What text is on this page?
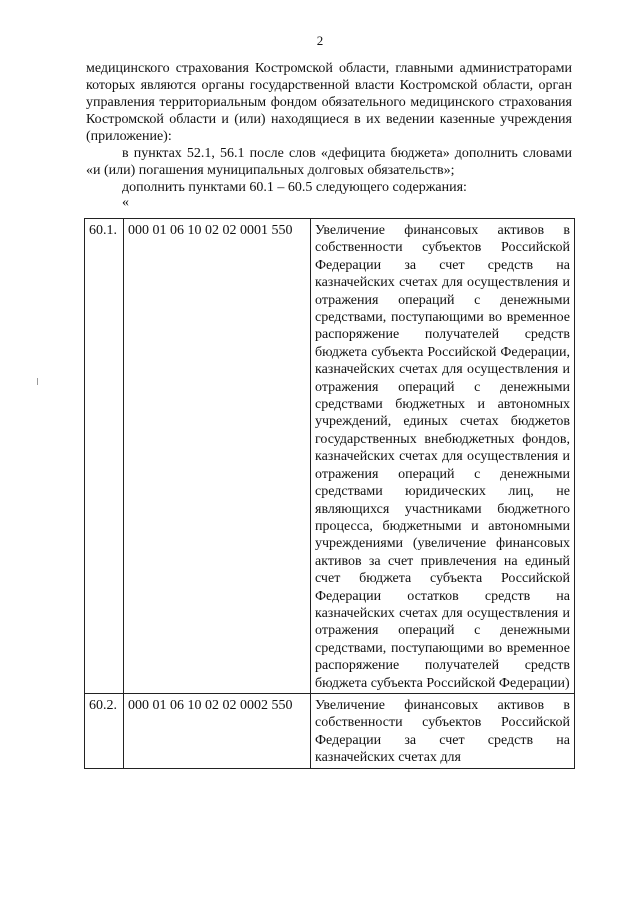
2

медицинского страхования Костромской области, главными администраторами которых являются органы государственной власти Костромской области, орган управления территориальным фондом обязательного медицинского страхования Костромской области и (или) находящиеся в их ведении казенные учреждения (приложение):

в пунктах 52.1, 56.1 после слов «дефицита бюджета» дополнить словами «и (или) погашения муниципальных долговых обязательств»;

дополнить пунктами 60.1 – 60.5 следующего содержания:

«

60.1.	000 01 06 10 02 02 0001 550	Увеличение финансовых активов в собственности субъектов Российской Федерации за счет средств на казначейских счетах для осуществления и отражения операций с денежными средствами, поступающими во временное распоряжение получателей средств бюджета субъекта Российской Федерации, казначейских счетах для осуществления и отражения операций с денежными средствами бюджетных и автономных учреждений, единых счетах бюджетов государственных внебюджетных фондов, казначейских счетах для осуществления и отражения операций с денежными средствами юридических лиц, не являющихся участниками бюджетного процесса, бюджетными и автономными учреждениями (увеличение финансовых активов за счет привлечения на единый счет бюджета субъекта Российской Федерации остатков средств на казначейских счетах для осуществления и отражения операций с денежными средствами, поступающими во временное распоряжение получателей средств бюджета субъекта Российской Федерации)
60.2.	000 01 06 10 02 02 0002 550	Увеличение финансовых активов в собственности субъектов Российской Федерации за счет средств на казначейских счетах для
